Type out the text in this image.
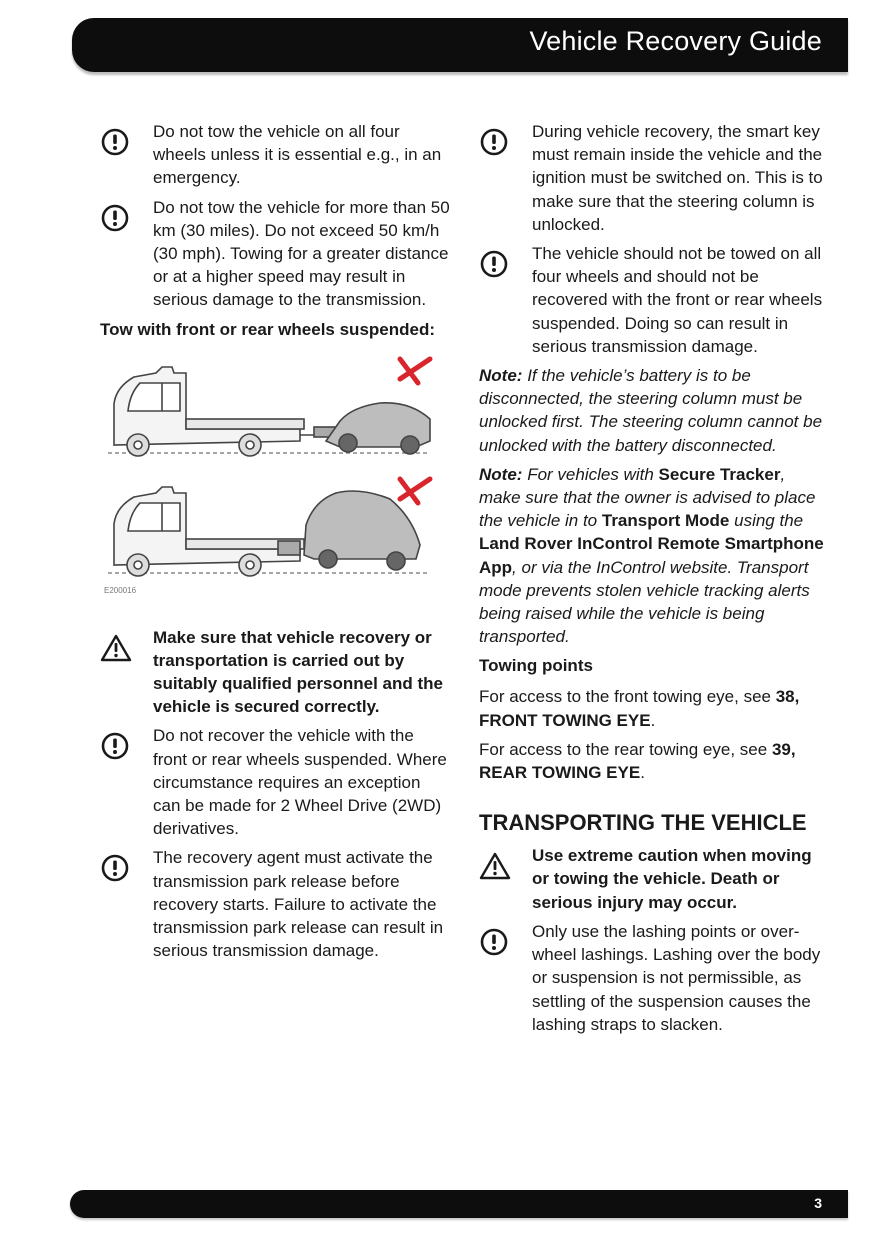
Vehicle Recovery Guide
Do not tow the vehicle on all four wheels unless it is essential e.g., in an emergency.
Do not tow the vehicle for more than 50 km (30 miles). Do not exceed 50 km/h (30 mph). Towing for a greater distance or at a higher speed may result in serious damage to the transmission.
Tow with front or rear wheels suspended:
E200016
Make sure that vehicle recovery or transportation is carried out by suitably qualified personnel and the vehicle is secured correctly.
Do not recover the vehicle with the front or rear wheels suspended. Where circumstance requires an exception can be made for 2 Wheel Drive (2WD) derivatives.
The recovery agent must activate the transmission park release before recovery starts. Failure to activate the transmission park release can result in serious transmission damage.
During vehicle recovery, the smart key must remain inside the vehicle and the ignition must be switched on. This is to make sure that the steering column is unlocked.
The vehicle should not be towed on all four wheels and should not be recovered with the front or rear wheels suspended. Doing so can result in serious transmission damage.

Note: If the vehicle’s battery is to be disconnected, the steering column must be unlocked first. The steering column cannot be unlocked with the battery disconnected.

Note: For vehicles with Secure Tracker, make sure that the owner is advised to place the vehicle in to Transport Mode using the Land Rover InControl Remote Smartphone App, or via the InControl website. Transport mode prevents stolen vehicle tracking alerts being raised while the vehicle is being transported.

Towing points

For access to the front towing eye, see 38, FRONT TOWING EYE.

For access to the rear towing eye, see 39, REAR TOWING EYE.

TRANSPORTING THE VEHICLE
Use extreme caution when moving or towing the vehicle. Death or serious injury may occur.
Only use the lashing points or over-wheel lashings. Lashing over the body or suspension is not permissible, as settling of the suspension causes the lashing straps to slacken.
3
